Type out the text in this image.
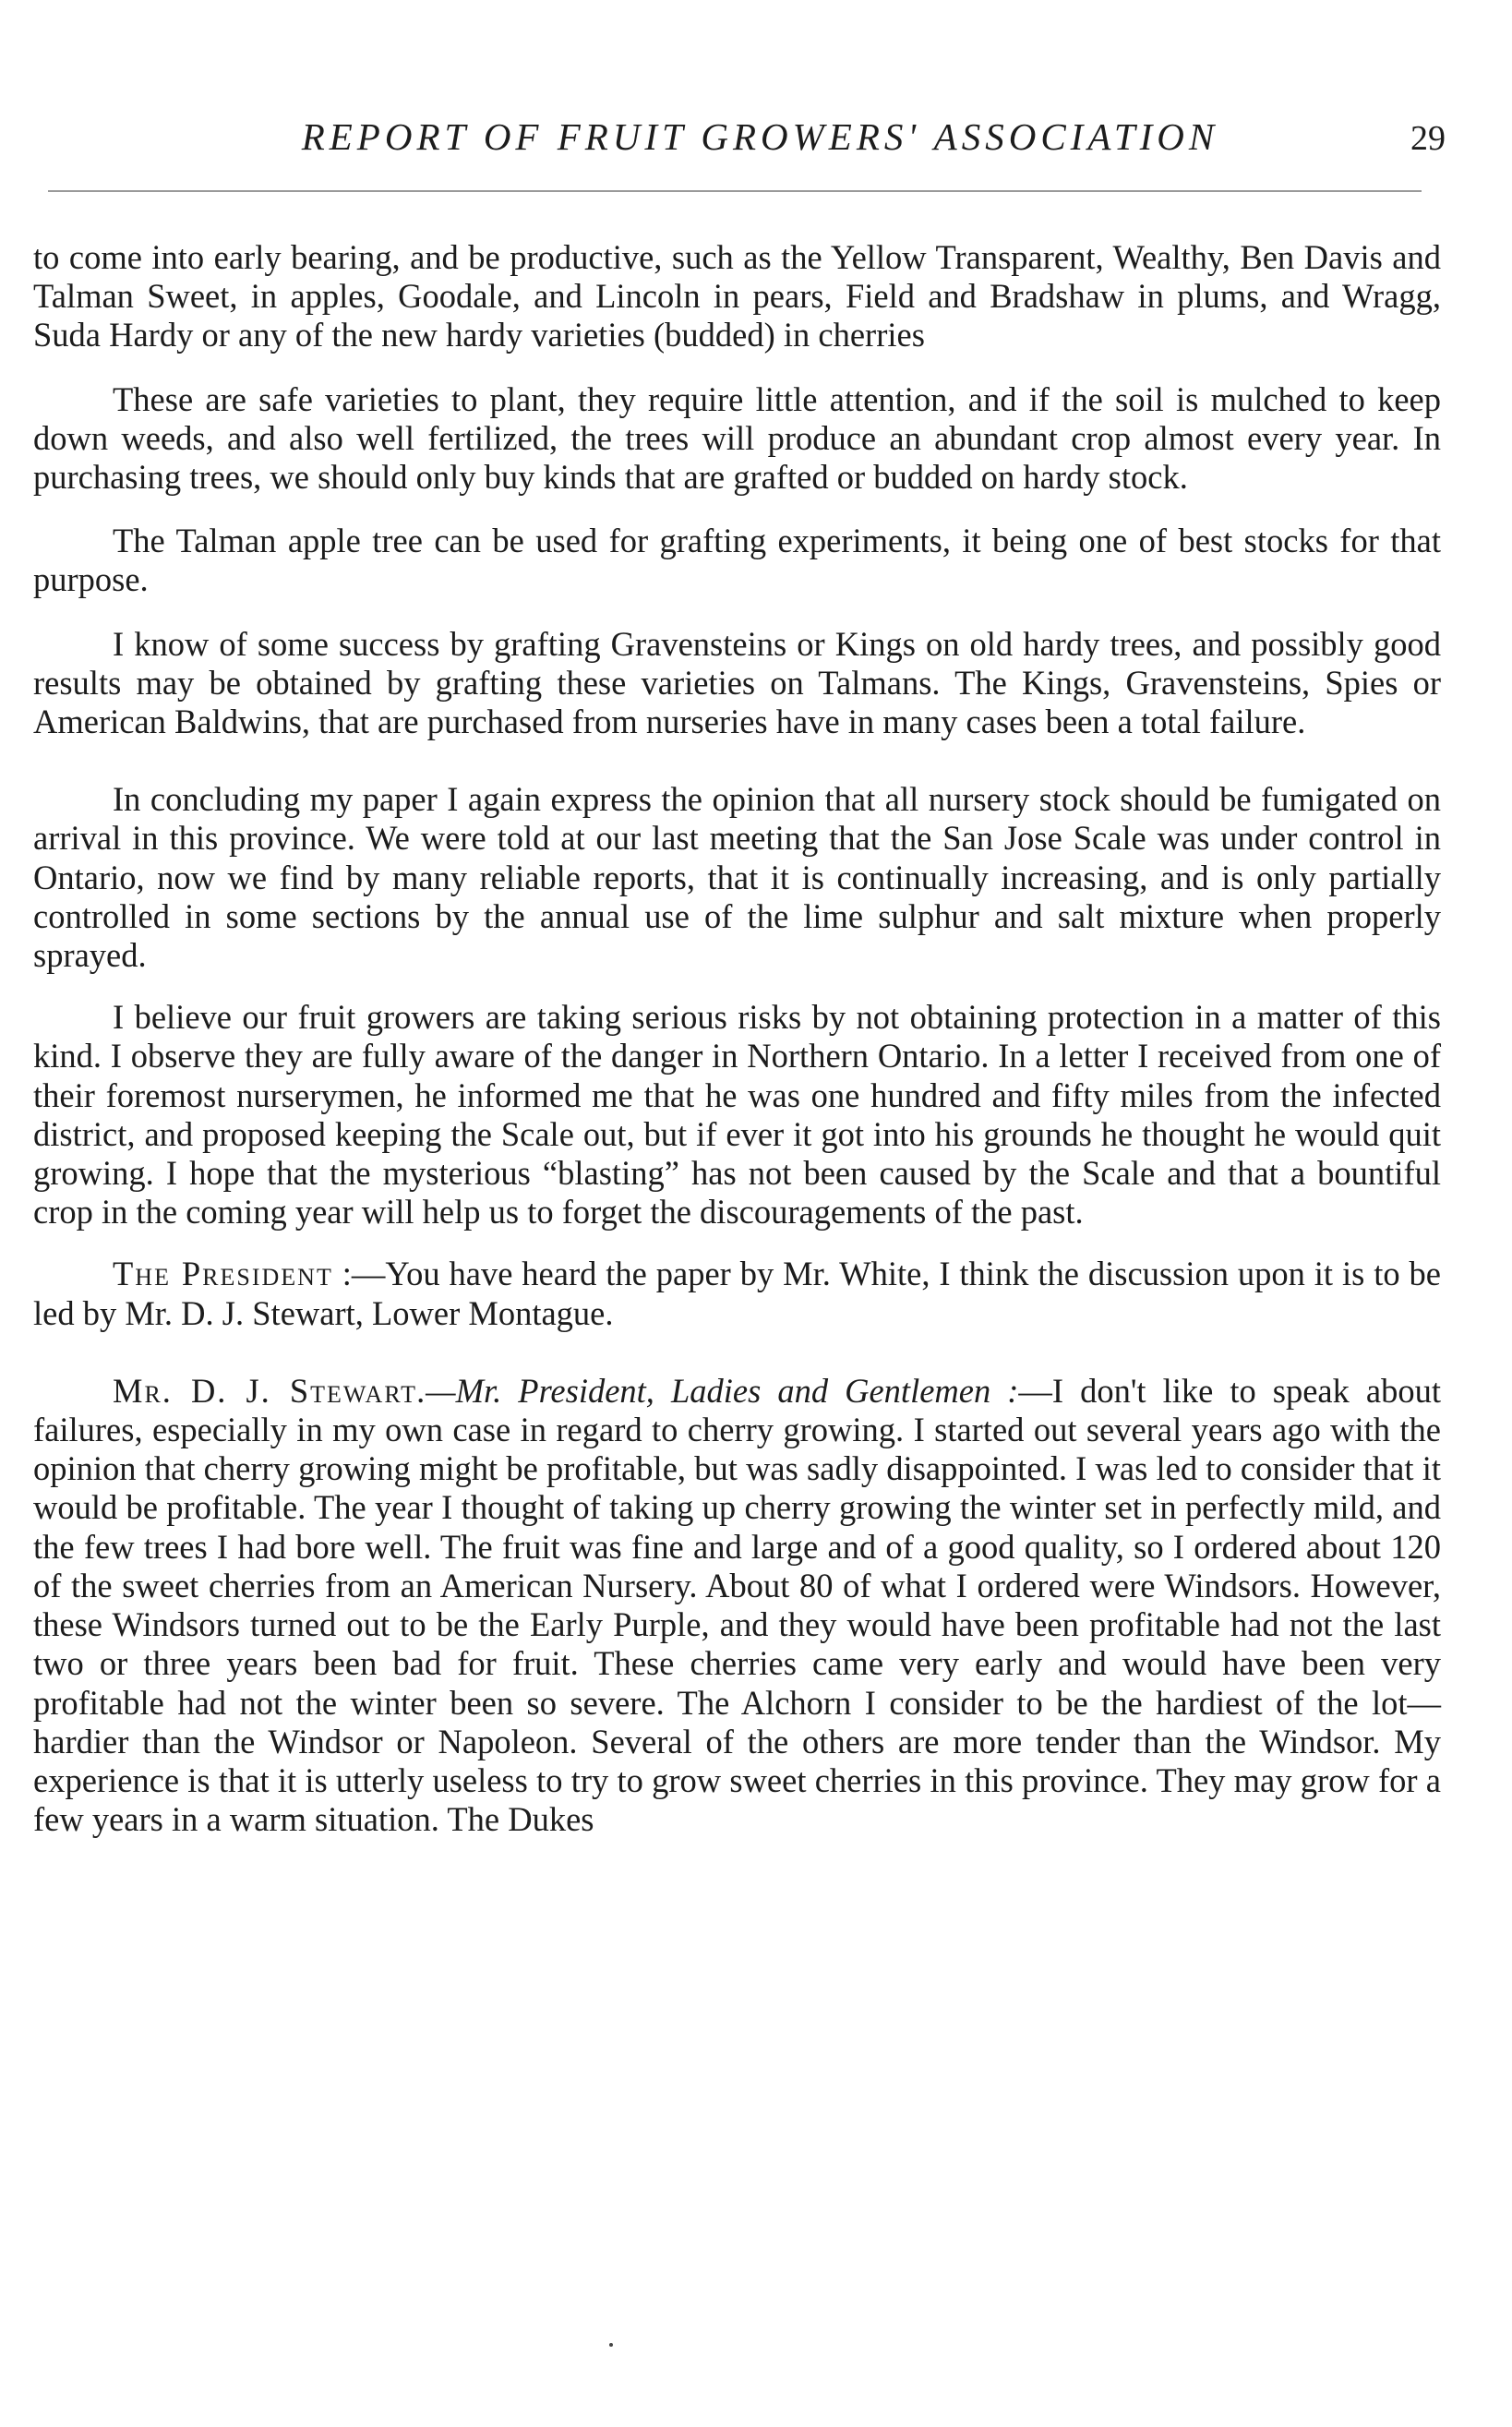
REPORT OF FRUIT GROWERS' ASSOCIATION	29

to come into early bearing, and be productive, such as the Yellow Transparent, Wealthy, Ben Davis and Talman Sweet, in apples, Goodale, and Lincoln in pears, Field and Bradshaw in plums, and Wragg, Suda Hardy or any of the new hardy varieties (budded) in cherries

These are safe varieties to plant, they require little attention, and if the soil is mulched to keep down weeds, and also well fertilized, the trees will produce an abundant crop almost every year. In purchasing trees, we should only buy kinds that are grafted or budded on hardy stock.

The Talman apple tree can be used for grafting experiments, it being one of best stocks for that purpose.

I know of some success by grafting Gravensteins or Kings on old hardy trees, and possibly good results may be obtained by grafting these varieties on Talmans. The Kings, Gravensteins, Spies or American Baldwins, that are purchased from nurseries have in many cases been a total failure.

In concluding my paper I again express the opinion that all nursery stock should be fumigated on arrival in this province. We were told at our last meeting that the San Jose Scale was under control in Ontario, now we find by many reliable reports, that it is continually increasing, and is only partially controlled in some sections by the annual use of the lime sulphur and salt mixture when properly sprayed.

I believe our fruit growers are taking serious risks by not obtaining protection in a matter of this kind. I observe they are fully aware of the danger in Northern Ontario. In a letter I received from one of their foremost nurserymen, he informed me that he was one hundred and fifty miles from the infected district, and proposed keeping the Scale out, but if ever it got into his grounds he thought he would quit growing. I hope that the mysterious “blasting” has not been caused by the Scale and that a bountiful crop in the coming year will help us to forget the discouragements of the past.

The President :—You have heard the paper by Mr. White, I think the discussion upon it is to be led by Mr. D. J. Stewart, Lower Montague.

Mr. D. J. Stewart.—Mr. President, Ladies and Gentlemen :—I don't like to speak about failures, especially in my own case in regard to cherry growing. I started out several years ago with the opinion that cherry growing might be profitable, but was sadly disappointed. I was led to consider that it would be profitable. The year I thought of taking up cherry growing the winter set in perfectly mild, and the few trees I had bore well. The fruit was fine and large and of a good quality, so I ordered about 120 of the sweet cherries from an American Nursery. About 80 of what I ordered were Windsors. However, these Windsors turned out to be the Early Purple, and they would have been profitable had not the last two or three years been bad for fruit. These cherries came very early and would have been very profitable had not the winter been so severe. The Alchorn I consider to be the hardiest of the lot—hardier than the Windsor or Napoleon. Several of the others are more tender than the Windsor. My experience is that it is utterly useless to try to grow sweet cherries in this province. They may grow for a few years in a warm situation. The Dukes
